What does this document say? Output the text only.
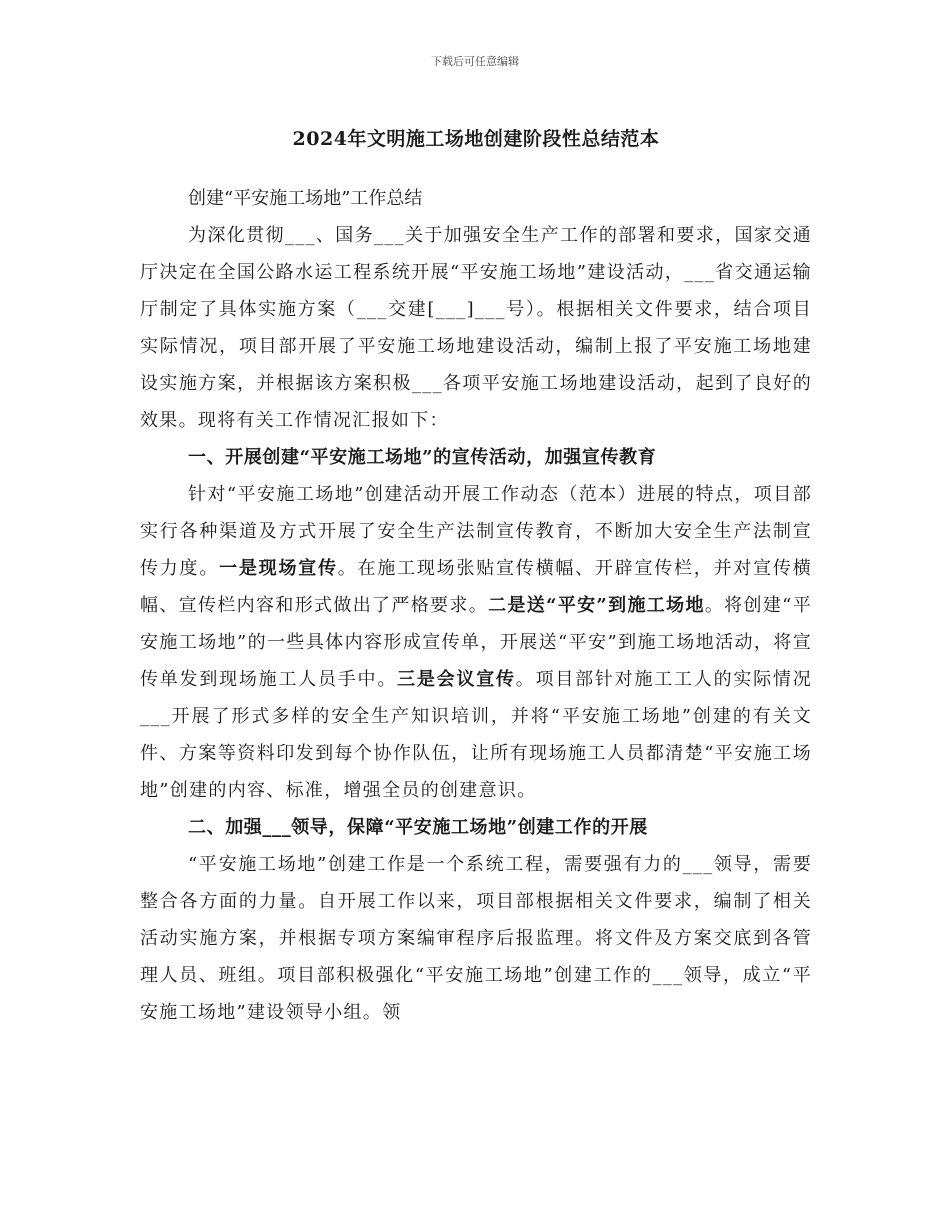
下载后可任意编辑
2024年文明施工场地创建阶段性总结范本
创建“平安施工场地”工作总结

为深化贯彻___、国务___关于加强安全生产工作的部署和要求，国家交通厅决定在全国公路水运工程系统开展“平安施工场地”建设活动，___省交通运输厅制定了具体实施方案（___交建[___]___号）。根据相关文件要求，结合项目实际情况，项目部开展了平安施工场地建设活动，编制上报了平安施工场地建设实施方案，并根据该方案积极___各项平安施工场地建设活动，起到了良好的效果。现将有关工作情况汇报如下：

一、开展创建“平安施工场地”的宣传活动，加强宣传教育

针对“平安施工场地”创建活动开展工作动态（范本）进展的特点，项目部实行各种渠道及方式开展了安全生产法制宣传教育，不断加大安全生产法制宣传力度。一是现场宣传。在施工现场张贴宣传横幅、开辟宣传栏，并对宣传横幅、宣传栏内容和形式做出了严格要求。二是送“平安”到施工场地。将创建“平安施工场地”的一些具体内容形成宣传单，开展送“平安”到施工场地活动，将宣传单发到现场施工人员手中。三是会议宣传。项目部针对施工工人的实际情况___开展了形式多样的安全生产知识培训，并将“平安施工场地”创建的有关文件、方案等资料印发到每个协作队伍，让所有现场施工人员都清楚“平安施工场地”创建的内容、标准，增强全员的创建意识。

二、加强___领导，保障“平安施工场地”创建工作的开展

“平安施工场地”创建工作是一个系统工程，需要强有力的___领导，需要整合各方面的力量。自开展工作以来，项目部根据相关文件要求，编制了相关活动实施方案，并根据专项方案编审程序后报监理。将文件及方案交底到各管理人员、班组。项目部积极强化“平安施工场地”创建工作的___领导，成立“平安施工场地”建设领导小组。领
